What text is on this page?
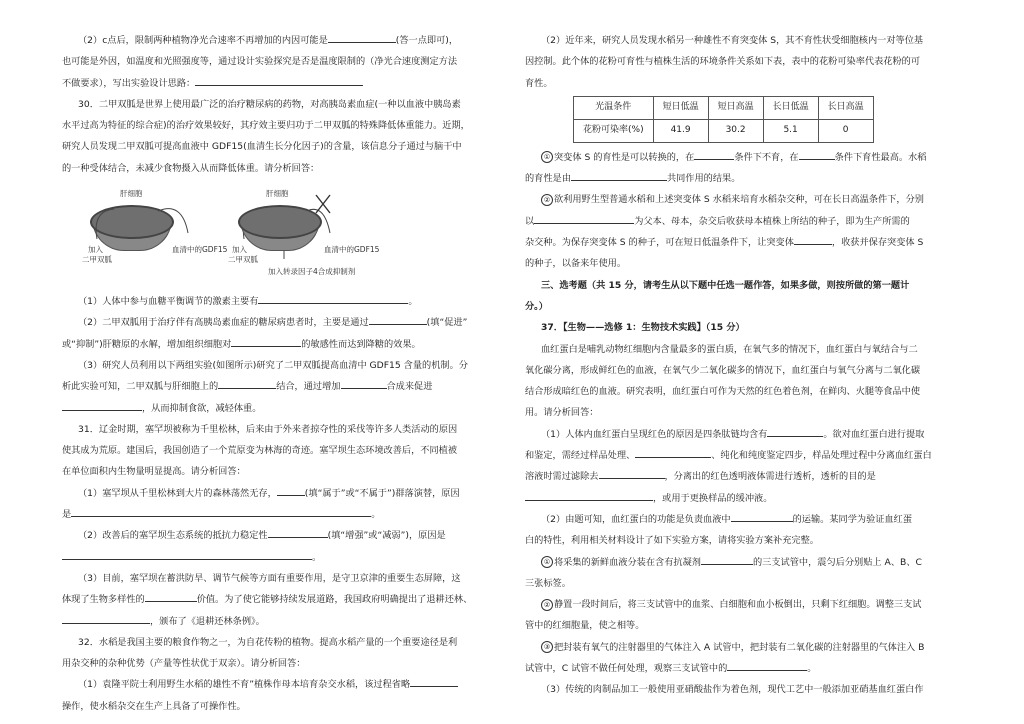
（2）c点后，限制两种植物净光合速率不再增加的内因可能是	(答一点即可)，

也可能是外因，如温度和光照强度等，通过设计实验探究是否是温度限制的（净光合速度测定方法

不做要求），写出实验设计思路：

30．二甲双胍是世界上使用最广泛的治疗糖尿病的药物，对高胰岛素血症(一种以血液中胰岛素

水平过高为特征的综合症)的治疗效果较好，其疗效主要归功于二甲双胍的特殊降低体重能力。近期，

研究人员发现二甲双胍可提高血液中 GDF15(血清生长分化因子)的含量，该信息分子通过与脑干中

的一种受体结合，未减少食物摄入从而降低体重。请分析回答：

肝细胞
加入
二甲双胍
血清中的GDF15
肝细胞
加入
二甲双胍
血清中的GDF15
加入转录因子4合成抑制剂

（1）人体中参与血糖平衡调节的激素主要有	。

（2）二甲双胍用于治疗伴有高胰岛素血症的糖尿病患者时，主要是通过	(填“促进”

或“抑制”)肝糖原的水解，增加组织细胞对	的敏感性而达到降糖的效果。

（3）研究人员利用以下两组实验(如图所示)研究了二甲双胍提高血清中 GDF15 含量的机制。分

析此实验可知，二甲双胍与肝细胞上的	结合，通过增加	合成来促进

，从而抑制食欲，减轻体重。

31．辽金时期，塞罕坝被称为千里松林，后来由于外来者掠夺性的采伐等许多人类活动的原因

使其成为荒原。建国后，我国创造了一个荒原变为林海的奇迹。塞罕坝生态环境改善后，不同植被

在单位面积内生物量明显提高。请分析回答：

（1）塞罕坝从千里松林到大片的森林荡然无存，	(填“属于”或“不属于”)群落演替，原因

是	。

（2）改善后的塞罕坝生态系统的抵抗力稳定性	(填“增强”或“减弱”)，原因是

。

（3）目前，塞罕坝在蓄洪防旱、调节气候等方面有重要作用，是守卫京津的重要生态屏障，这

体现了生物多样性的	价值。为了使它能够持续发展道路，我国政府明确提出了退耕还林、

，颁布了《退耕还林条例》。

32．水稻是我国主要的粮食作物之一，为自花传粉的植物。提高水稻产量的一个重要途径是利

用杂交种的杂种优势（产量等性状优于双亲）。请分析回答：

（1）袁隆平院士利用野生水稻的雄性不育”植株作母本培育杂交水稻，该过程省略

操作，使水稻杂交在生产上具备了可操作性。

（2）近年来，研究人员发现水稻另一种雄性不育突变体 S，其不育性状受细胞核内一对等位基

因控制。此个体的花粉可育性与植株生活的环境条件关系如下表，表中的花粉可染率代表花粉的可

育性。

光温条件	短日低温	短日高温	长日低温	长日高温
花粉可染率(%)	41.9	30.2	5.1	0

① 突变体 S 的育性是可以转换的，在	条件下不育，在	条件下育性最高。水稻

的育性是由	共同作用的结果。

② 欲利用野生型普通水稻和上述突变体 S 水稻来培育水稻杂交种，可在长日高温条件下，分别

以	为父本、母本，杂交后收获母本植株上所结的种子，即为生产所需的

杂交种。为保存突变体 S 的种子，可在短日低温条件下，让突变体	，收获并保存突变体 S

的种子，以备来年使用。

三、选考题（共 15 分，请考生从以下题中任选一题作答，如果多做，则按所做的第一题计

分。）

37．【生物——选修 1：生物技术实践】（15 分）

血红蛋白是哺乳动物红细胞内含量最多的蛋白质，在氧气多的情况下，血红蛋白与氧结合与二

氧化碳分离，形成鲜红色的血液，在氧气少二氧化碳多的情况下，血红蛋白与氧气分离与二氧化碳

结合形成暗红色的血液。研究表明，血红蛋白可作为天然的红色着色剂，在鲜肉、火腿等食品中使

用。请分析回答：

（1）人体内血红蛋白呈现红色的原因是四条肽链均含有	。欲对血红蛋白进行提取

和鉴定，需经过样品处理、	、纯化和纯度鉴定四步，样品处理过程中分离血红蛋白

溶液时需过滤除去	，分离出的红色透明液体需进行透析，透析的目的是

，或用于更换样品的缓冲液。

（2）由题可知，血红蛋白的功能是负责血液中	的运输。某同学为验证血红蛋

白的特性，利用相关材料设计了如下实验方案，请将实验方案补充完整。

① 将采集的新鲜血液分装在含有抗凝剂	的三支试管中，震匀后分别贴上 A、B、C

三张标签。

② 静置一段时间后，将三支试管中的血浆、白细胞和血小板倒出，只剩下红细胞。调整三支试

管中的红细胞量，使之相等。

③ 把封装有氧气的注射器里的气体注入 A 试管中，把封装有二氧化碳的注射器里的气体注入 B

试管中，C 试管不做任何处理，观察三支试管中的	。

（3）传统的肉制品加工一般使用亚硝酸盐作为着色剂，现代工艺中一般添加亚硝基血红蛋白作
